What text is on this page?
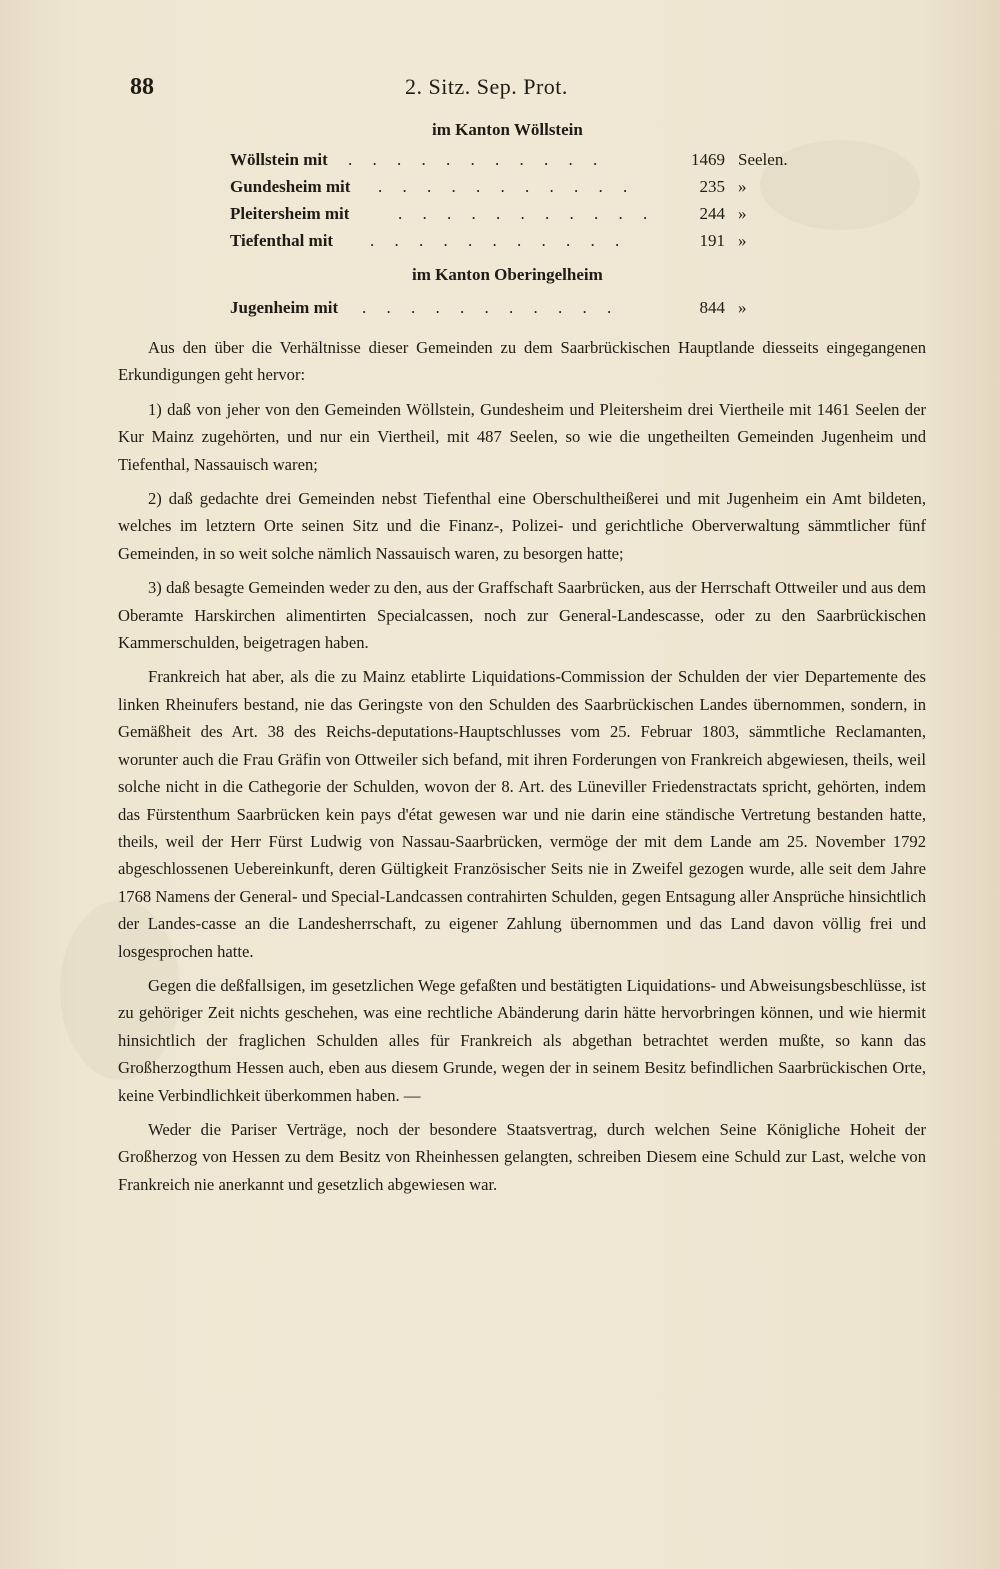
88	2. Sitz. Sep. Prot.
im Kanton Wöllstein
Wöllstein mit . . . . . . . . . . .	1469 Seelen.
Gundesheim mit . . . . . . . . . . .	235 »
Pleitersheim mit	. . . . . . . . . . .	244 »
Tiefenthal mit . . . . . . . . . . .	191 »
im Kanton Oberingelheim
Jugenheim mit . . . . . . . . . . .	844 »

Aus den über die Verhältnisse dieser Gemeinden zu dem Saarbrückischen Hauptlande diesseits eingegangenen Erkundigungen geht hervor:

1) daß von jeher von den Gemeinden Wöllstein, Gundesheim und Pleitersheim drei Viertheile mit 1461 Seelen der Kur Mainz zugehörten, und nur ein Viertheil, mit 487 Seelen, so wie die ungetheilten Gemeinden Jugenheim und Tiefenthal, Nassauisch waren;

2) daß gedachte drei Gemeinden nebst Tiefenthal eine Oberschultheißerei und mit Jugenheim ein Amt bildeten, welches im letztern Orte seinen Sitz und die Finanz-, Polizei- und gerichtliche Oberverwaltung sämmtlicher fünf Gemeinden, in so weit solche nämlich Nassauisch waren, zu besorgen hatte;

3) daß besagte Gemeinden weder zu den, aus der Graffschaft Saarbrücken, aus der Herrschaft Ottweiler und aus dem Oberamte Harskirchen alimentirten Specialcassen, noch zur General-Landescasse, oder zu den Saarbrückischen Kammerschulden, beigetragen haben.

Frankreich hat aber, als die zu Mainz etablirte Liquidations-Commission der Schulden der vier Departemente des linken Rheinufers bestand, nie das Geringste von den Schulden des Saarbrückischen Landes übernommen, sondern, in Gemäßheit des Art. 38 des Reichs-deputations-Hauptschlusses vom 25. Februar 1803, sämmtliche Reclamanten, worunter auch die Frau Gräfin von Ottweiler sich befand, mit ihren Forderungen von Frankreich abgewiesen, theils, weil solche nicht in die Cathegorie der Schulden, wovon der 8. Art. des Lüneviller Friedenstractats spricht, gehörten, indem das Fürstenthum Saarbrücken kein pays d'état gewesen war und nie darin eine ständische Vertretung bestanden hatte, theils, weil der Herr Fürst Ludwig von Nassau-Saarbrücken, vermöge der mit dem Lande am 25. November 1792 abgeschlossenen Uebereinkunft, deren Gültigkeit Französischer Seits nie in Zweifel gezogen wurde, alle seit dem Jahre 1768 Namens der General- und Special-Landcassen contrahirten Schulden, gegen Entsagung aller Ansprüche hinsichtlich der Landes-casse an die Landesherrschaft, zu eigener Zahlung übernommen und das Land davon völlig frei und losgesprochen hatte.

Gegen die deßfallsigen, im gesetzlichen Wege gefaßten und bestätigten Liquidations- und Abweisungsbeschlüsse, ist zu gehöriger Zeit nichts geschehen, was eine rechtliche Abänderung darin hätte hervorbringen können, und wie hiermit hinsichtlich der fraglichen Schulden alles für Frankreich als abgethan betrachtet werden mußte, so kann das Großherzogthum Hessen auch, eben aus diesem Grunde, wegen der in seinem Besitz befindlichen Saarbrückischen Orte, keine Verbindlichkeit überkommen haben. —

Weder die Pariser Verträge, noch der besondere Staatsvertrag, durch welchen Seine Königliche Hoheit der Großherzog von Hessen zu dem Besitz von Rheinhessen gelangten, schreiben Diesem eine Schuld zur Last, welche von Frankreich nie anerkannt und gesetzlich abgewiesen war.
